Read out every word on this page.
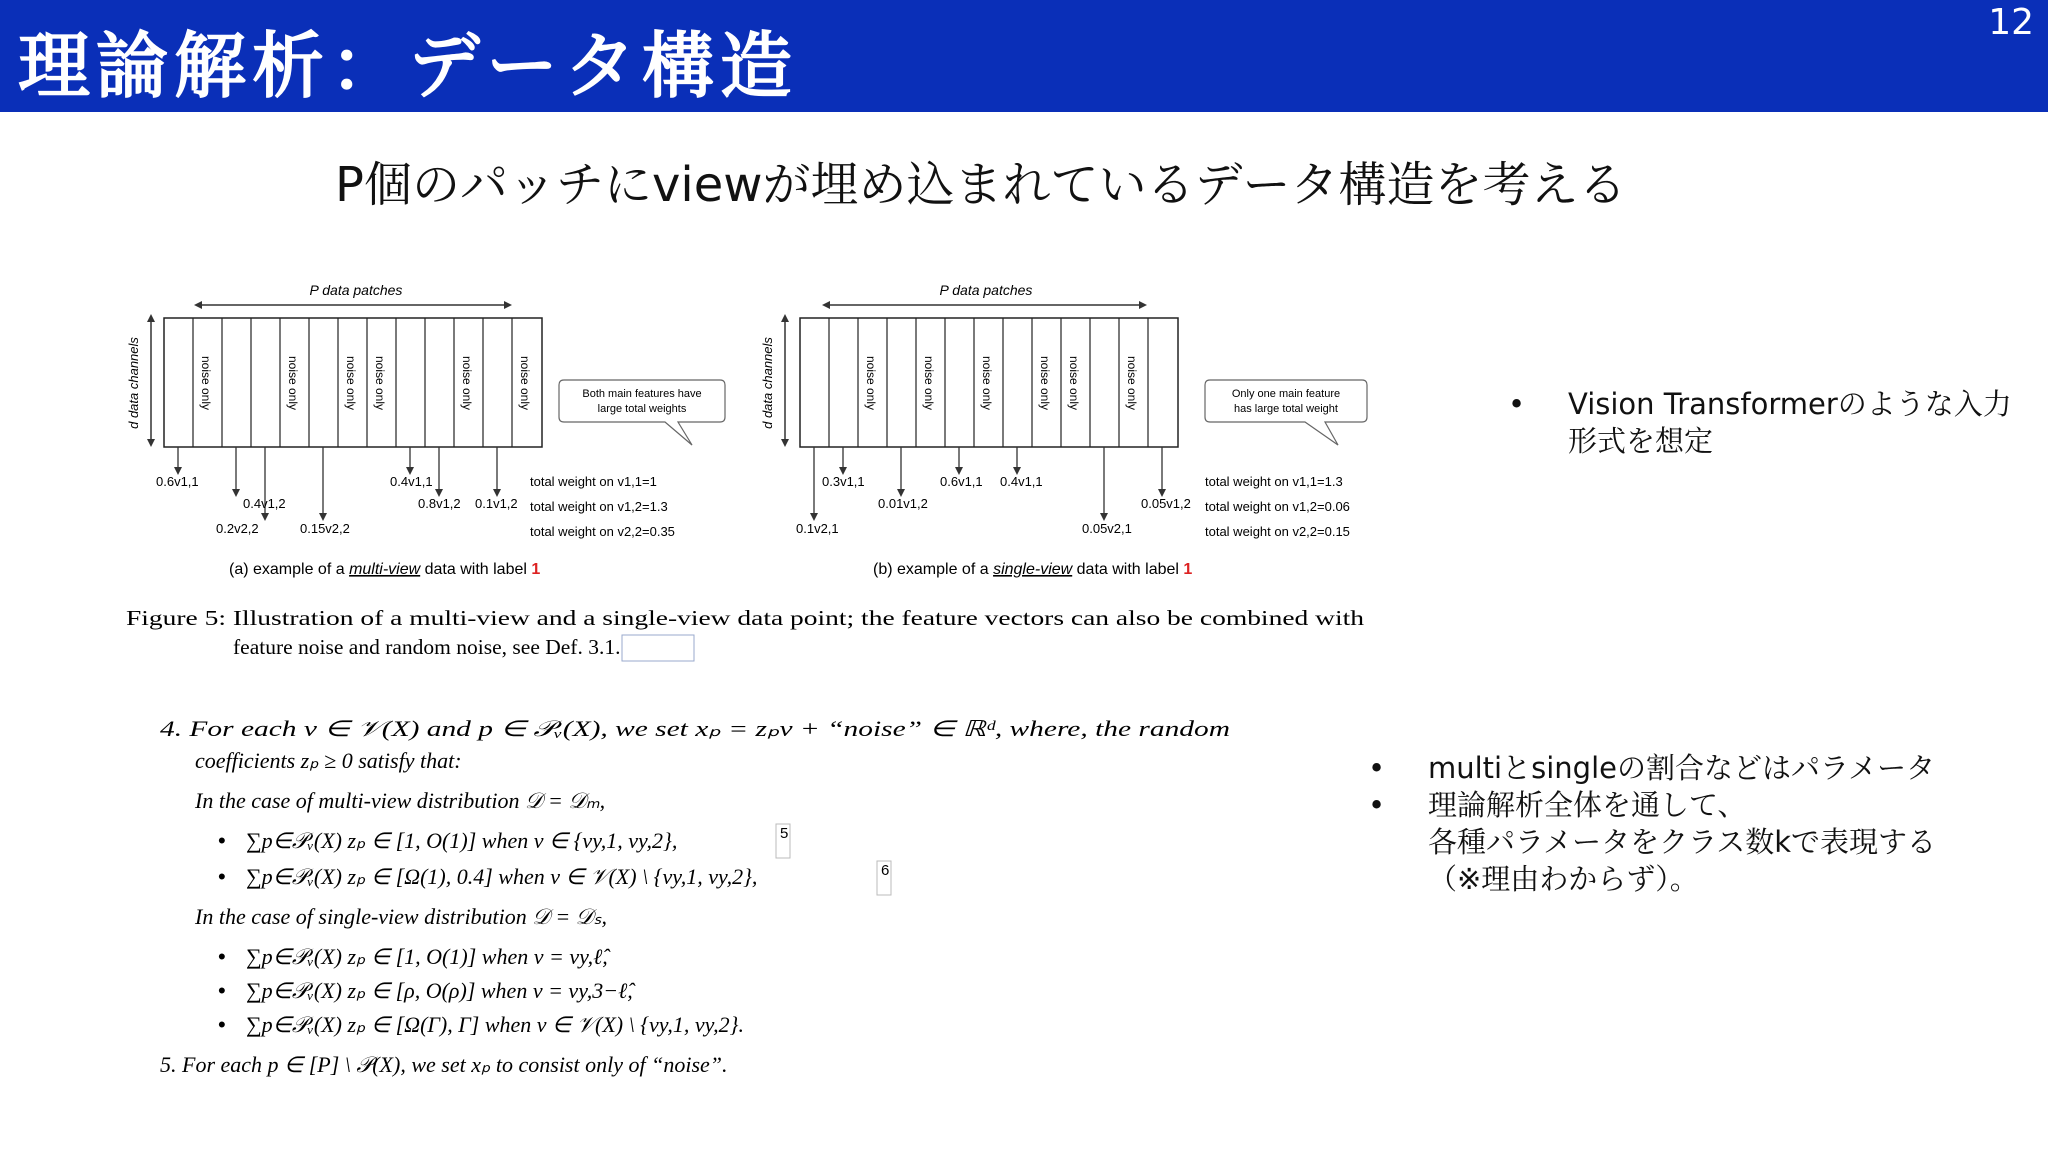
理論解析：データ構造
12
P個のパッチにviewが埋め込まれているデータ構造を考える
P data patches
d data channels	noise only	noise only	noise only noise only	noise only	noise only
0.6v1,1
0.4v1,2
0.2v2,2	0.15v2,2
0.4v1,1
0.8v1,2 0.1v1,2
Both main features have
large total weights
total weight on v1,1=1
total weight on v1,2=1.3
total weight on v2,2=0.35
(a) example of a multi-view data with label 1
P data patches
d data channels	noise only	noise only	noise only	noise only noise only	noise only
0.3v1,1
0.01v1,2
0.1v2,1
0.6v1,1 0.4v1,1
0.05v1,2
0.05v2,1
Only one main feature
has large total weight
total weight on v1,1=1.3
total weight on v1,2=0.06
total weight on v2,2=0.15
(b) example of a single-view data with label 1
Figure 5: Illustration of a multi-view and a single-view data point; the feature vectors can also be combined with
feature noise and random noise, see Def. 3.1.
4. For each v ∈ 𝒱(X) and p ∈ 𝒫ᵥ(X), we set xₚ = zₚv + “noise” ∈ ℝᵈ, where, the random
coefficients zₚ ≥ 0 satisfy that:
In the case of multi-view distribution 𝒟 = 𝒟ₘ,
• ∑p∈𝒫ᵥ(X) zₚ ∈ [1, O(1)] when v ∈ {vy,1, vy,2},	5
• ∑p∈𝒫ᵥ(X) zₚ ∈ [Ω(1), 0.4] when v ∈ 𝒱(X) \ {vy,1, vy,2},	6
In the case of single-view distribution 𝒟 = 𝒟ₛ,
• ∑p∈𝒫ᵥ(X) zₚ ∈ [1, O(1)] when v = vy,ℓ̂,
• ∑p∈𝒫ᵥ(X) zₚ ∈ [ρ, O(ρ)] when v = vy,3−ℓ̂,
• ∑p∈𝒫ᵥ(X) zₚ ∈ [Ω(Γ), Γ] when v ∈ 𝒱(X) \ {vy,1, vy,2}.
5. For each p ∈ [P] \ 𝒫(X), we set xₚ to consist only of “noise”.
• Vision Transformerのような入力形式を想定
• multiとsingleの割合などはパラメータ
• 理論解析全体を通して、
各種パラメータをクラス数kで表現する
（※理由わからず）。
